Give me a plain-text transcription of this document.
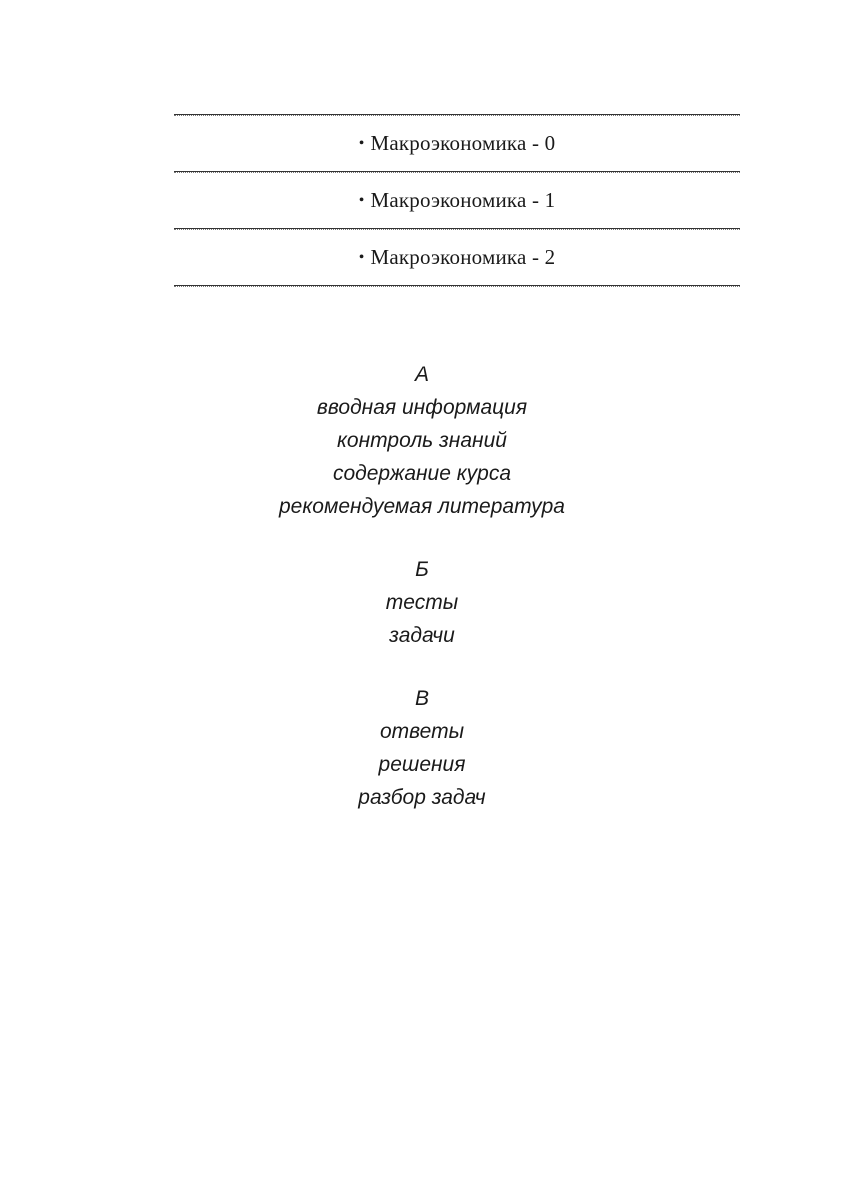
• Макроэкономика - 0
• Макроэкономика - 1
• Макроэкономика - 2
А
вводная информация
контроль знаний
содержание курса
рекомендуемая литература
Б
тесты
задачи
В
ответы
решения
разбор задач
